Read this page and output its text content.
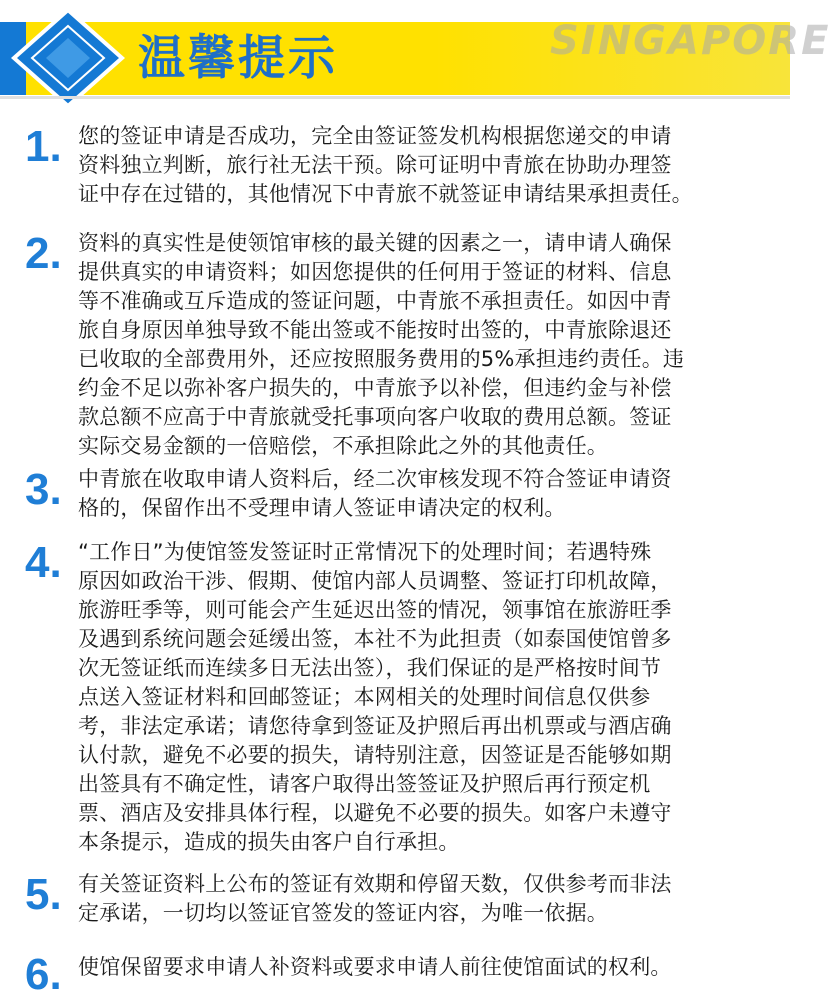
SINGAPORE
温馨提示
1. 您的签证申请是否成功，完全由签证签发机构根据您递交的申请
资料独立判断，旅行社无法干预。除可证明中青旅在协助办理签
证中存在过错的，其他情况下中青旅不就签证申请结果承担责任。
2. 资料的真实性是使领馆审核的最关键的因素之一，请申请人确保
提供真实的申请资料；如因您提供的任何用于签证的材料、信息
等不准确或互斥造成的签证问题，中青旅不承担责任。如因中青
旅自身原因单独导致不能出签或不能按时出签的，中青旅除退还
已收取的全部费用外，还应按照服务费用的5%承担违约责任。违
约金不足以弥补客户损失的，中青旅予以补偿，但违约金与补偿
款总额不应高于中青旅就受托事项向客户收取的费用总额。签证
实际交易金额的一倍赔偿，不承担除此之外的其他责任。
3. 中青旅在收取申请人资料后，经二次审核发现不符合签证申请资
格的，保留作出不受理申请人签证申请决定的权利。
4. “工作日”为使馆签发签证时正常情况下的处理时间；若遇特殊
原因如政治干涉、假期、使馆内部人员调整、签证打印机故障，
旅游旺季等，则可能会产生延迟出签的情况，领事馆在旅游旺季
及遇到系统问题会延缓出签，本社不为此担责（如泰国使馆曾多
次无签证纸而连续多日无法出签），我们保证的是严格按时间节
点送入签证材料和回邮签证；本网相关的处理时间信息仅供参
考，非法定承诺；请您待拿到签证及护照后再出机票或与酒店确
认付款，避免不必要的损失，请特别注意，因签证是否能够如期
出签具有不确定性，请客户取得出签签证及护照后再行预定机
票、酒店及安排具体行程，以避免不必要的损失。如客户未遵守
本条提示，造成的损失由客户自行承担。
5. 有关签证资料上公布的签证有效期和停留天数，仅供参考而非法
定承诺，一切均以签证官签发的签证内容，为唯一依据。
6. 使馆保留要求申请人补资料或要求申请人前往使馆面试的权利。
